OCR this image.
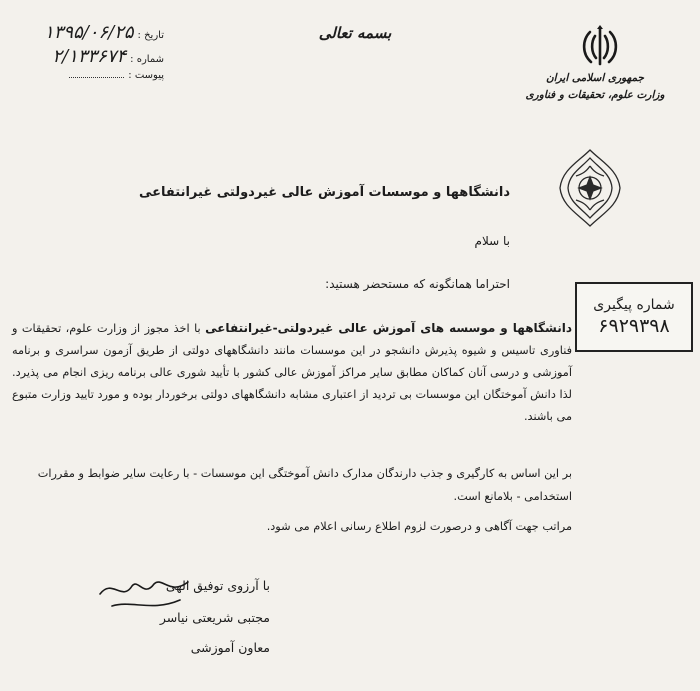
بسمه تعالی
۱۳۹۵/۰۶/۲۵ تاریخ :
۲/۱۳۳۶۷۴ شماره :
پیوست :	جمهوری اسلامی ایران
وزارت علوم، تحقیقات و فناوری
شماره پیگیری
۶۹۲۹۳۹۸
دانشگاهها و موسسات آموزش عالی غیردولتی غیرانتفاعی
با سلام
احتراما همانگونه که مستحضر هستید:
دانشگاهها و موسسه های آموزش عالی غیردولتی-غیرانتفاعی با اخذ مجوز از وزارت علوم، تحقیقات و فناوری تاسیس و شیوه پذیرش دانشجو در این موسسات مانند دانشگاههای دولتی از طریق آزمون سراسری و برنامه آموزشی و درسی آنان کماکان مطابق سایر مراکز آموزش عالی کشور با تأیید شوری عالی برنامه ریزی انجام می پذیرد. لذا دانش آموختگان این موسسات بی تردید از اعتباری مشابه دانشگاههای دولتی برخوردار بوده و مورد تایید وزارت متبوع می باشند.
بر این اساس به کارگیری و جذب دارندگان مدارک دانش آموختگی این موسسات - با رعایت سایر ضوابط و مقررات استخدامی - بلامانع است.
مراتب جهت آگاهی و درصورت لزوم اطلاع رسانی اعلام می شود.
با آرزوی توفیق الهی
مجتبی شریعتی نیاسر
معاون آموزشی
